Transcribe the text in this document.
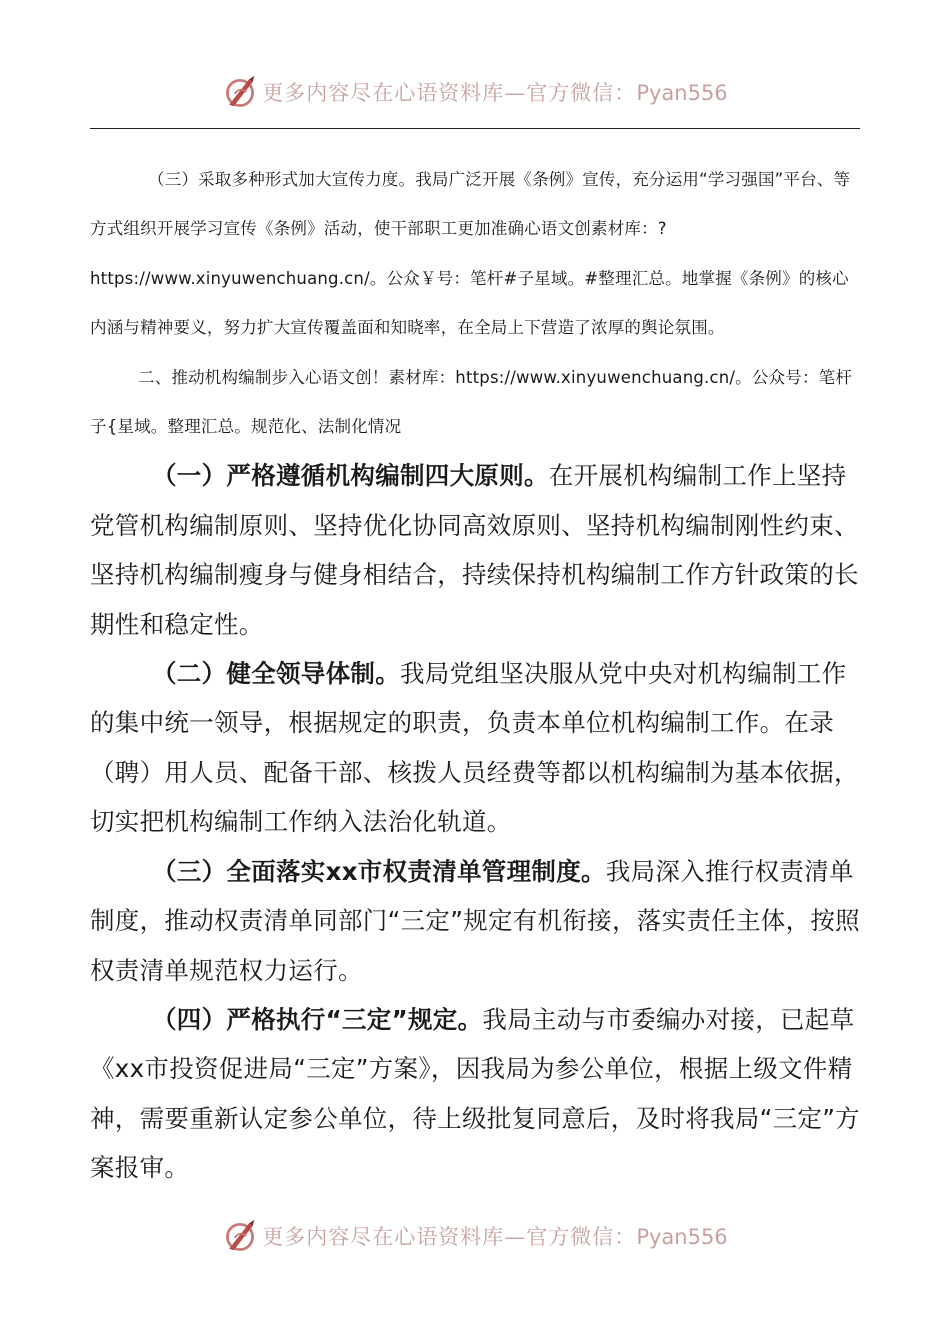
更多内容尽在心语资料库—官方微信：Pyan556

（三）采取多种形式加大宣传力度。我局广泛开展《条例》宣传，充分运用“学习强国”平台、等方式组织开展学习宣传《条例》活动，使干部职工更加准确心语文创素材库：?https://www.xinyuwenchuang.cn/。公众￥号：笔杆#子星域。#整理汇总。地掌握《条例》的核心内涵与精神要义，努力扩大宣传覆盖面和知晓率，在全局上下营造了浓厚的舆论氛围。

二、推动机构编制步入心语文创！素材库：https://www.xinyuwenchuang.cn/。公众号：笔杆子{星域。整理汇总。规范化、法制化情况

（一）严格遵循机构编制四大原则。在开展机构编制工作上坚持党管机构编制原则、坚持优化协同高效原则、坚持机构编制刚性约束、坚持机构编制瘦身与健身相结合，持续保持机构编制工作方针政策的长期性和稳定性。

（二）健全领导体制。我局党组坚决服从党中央对机构编制工作的集中统一领导，根据规定的职责，负责本单位机构编制工作。在录（聘）用人员、配备干部、核拨人员经费等都以机构编制为基本依据，切实把机构编制工作纳入法治化轨道。

（三）全面落实xx市权责清单管理制度。我局深入推行权责清单制度，推动权责清单同部门“三定”规定有机衔接，落实责任主体，按照权责清单规范权力运行。

（四）严格执行“三定”规定。我局主动与市委编办对接，已起草《xx市投资促进局“三定”方案》，因我局为参公单位，根据上级文件精神，需要重新认定参公单位，待上级批复同意后，及时将我局“三定”方案报审。

更多内容尽在心语资料库—官方微信：Pyan556
